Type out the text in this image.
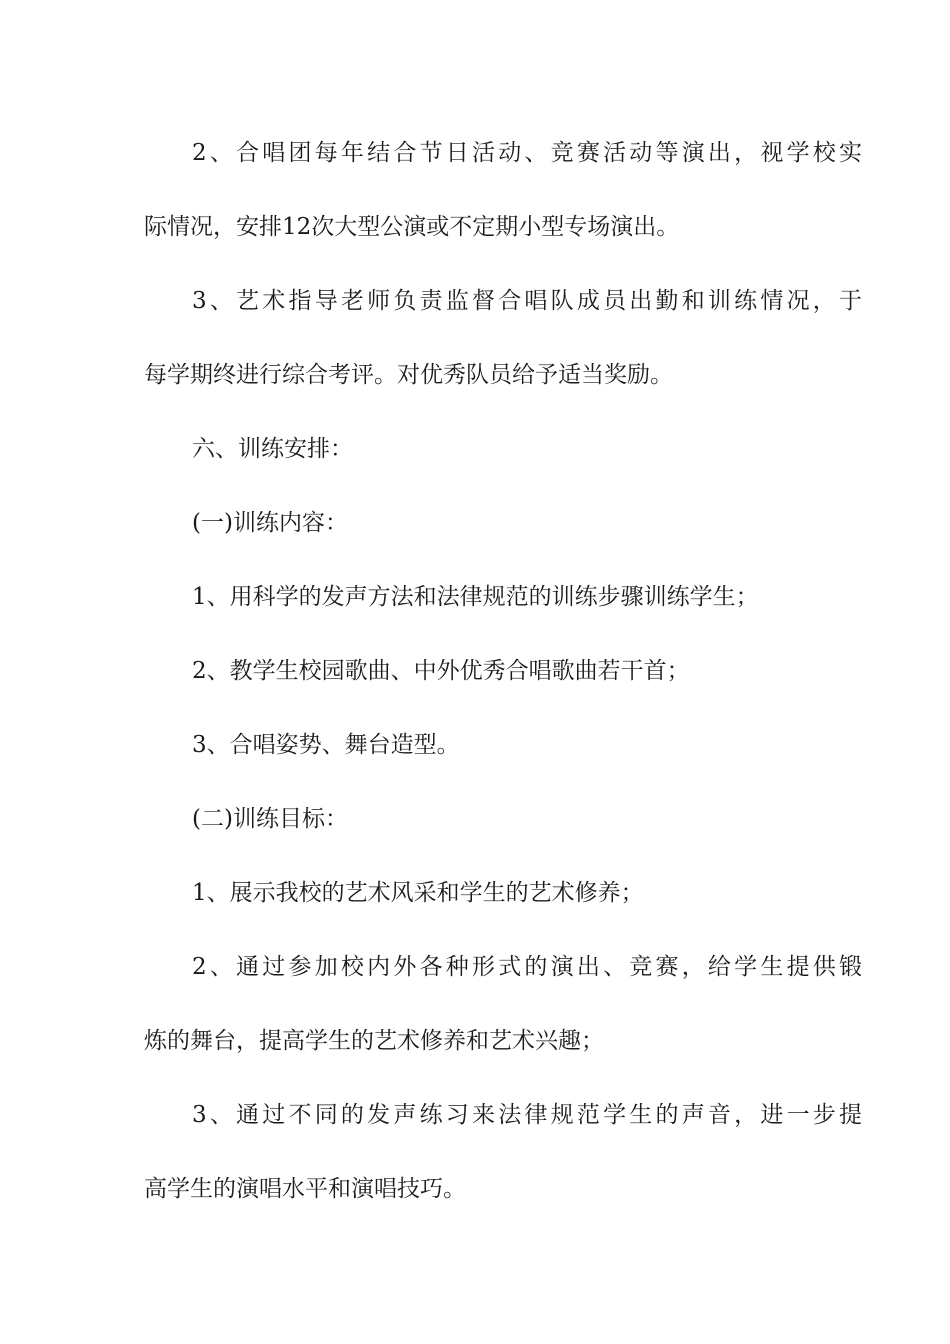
2、合唱团每年结合节日活动、竞赛活动等演出，视学校实

际情况，安排12次大型公演或不定期小型专场演出。

3、艺术指导老师负责监督合唱队成员出勤和训练情况，于

每学期终进行综合考评。对优秀队员给予适当奖励。

六、训练安排：

(一)训练内容：

1、用科学的发声方法和法律规范的训练步骤训练学生；

2、教学生校园歌曲、中外优秀合唱歌曲若干首；

3、合唱姿势、舞台造型。

(二)训练目标：

1、展示我校的艺术风采和学生的艺术修养；

2、通过参加校内外各种形式的演出、竞赛，给学生提供锻

炼的舞台，提高学生的艺术修养和艺术兴趣；

3、通过不同的发声练习来法律规范学生的声音，进一步提

高学生的演唱水平和演唱技巧。
